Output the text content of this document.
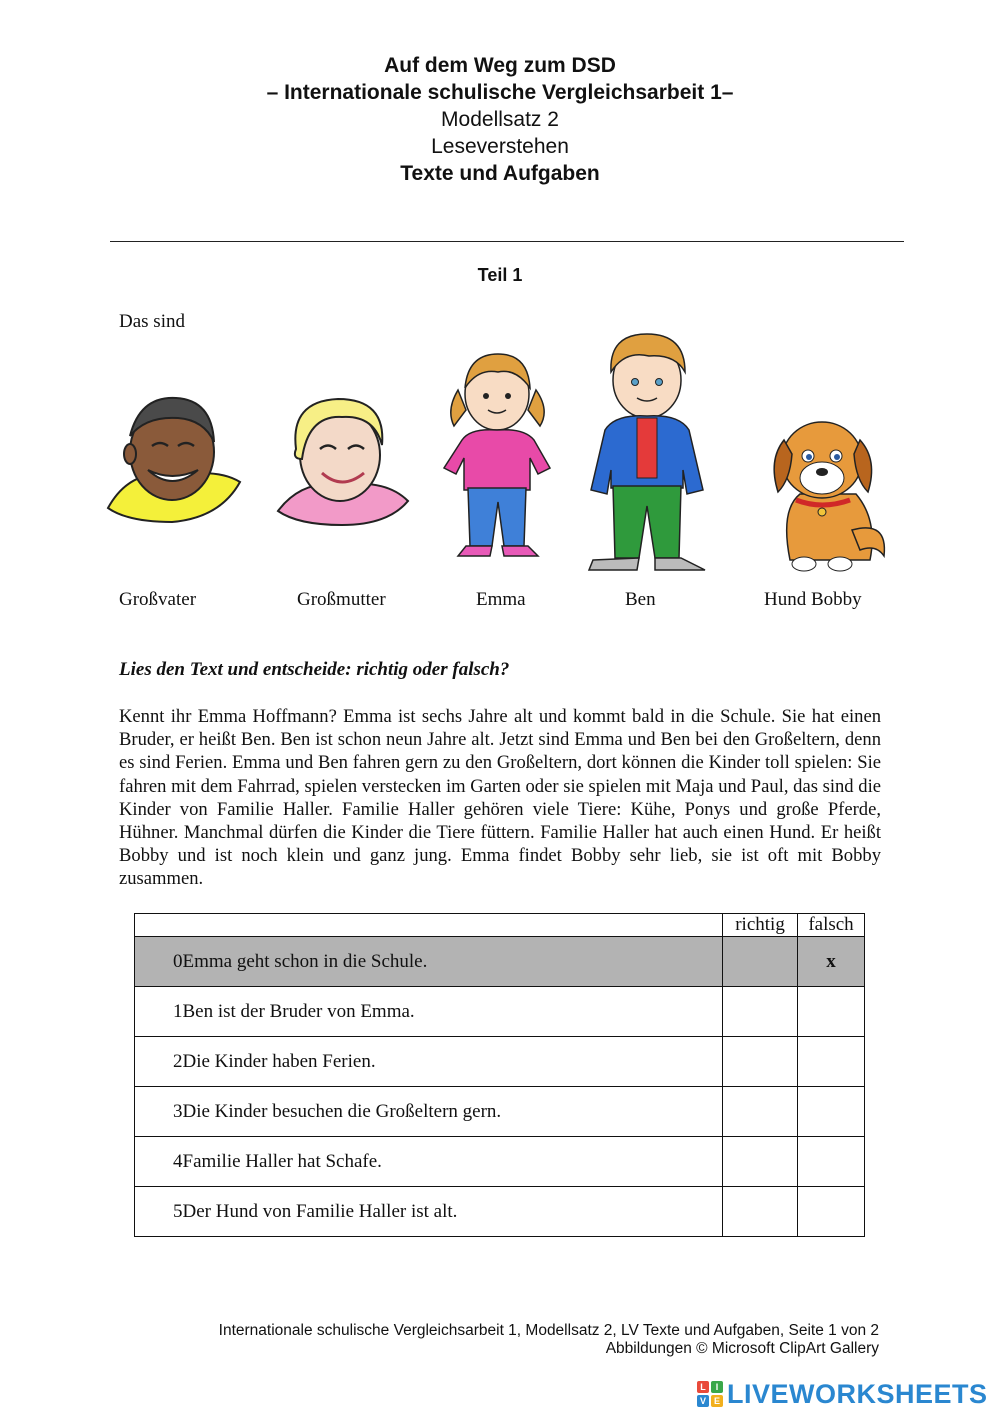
Auf dem Weg zum DSD
– Internationale schulische Vergleichsarbeit 1–
Modellsatz 2
Leseverstehen
Texte und Aufgaben
Teil 1
Das sind
Großvater	Großmutter	Emma	Ben	Hund Bobby
Lies den Text und entscheide: richtig oder falsch?
Kennt ihr Emma Hoffmann? Emma ist sechs Jahre alt und kommt bald in die Schule. Sie hat einen Bruder, er heißt Ben. Ben ist schon neun Jahre alt. Jetzt sind Emma und Ben bei den Großeltern, denn es sind Ferien. Emma und Ben fahren gern zu den Großeltern, dort können die Kinder toll spielen: Sie fahren mit dem Fahrrad, spielen verstecken im Garten oder sie spielen mit Maja und Paul, das sind die Kinder von Familie Haller. Familie Haller gehören viele Tiere: Kühe, Ponys und große Pferde, Hühner. Manchmal dürfen die Kinder die Tiere füttern. Familie Haller hat auch einen Hund. Er heißt Bobby und ist noch klein und ganz jung. Emma findet Bobby sehr lieb, sie ist oft mit Bobby zusammen.
	richtig	falsch
0Emma geht schon in die Schule.		x
1Ben ist der Bruder von Emma.		
2Die Kinder haben Ferien.		
3Die Kinder besuchen die Großeltern gern.		
4Familie Haller hat Schafe.		
5Der Hund von Familie Haller ist alt.		
Internationale schulische Vergleichsarbeit 1, Modellsatz 2, LV Texte und Aufgaben, Seite 1 von 2
Abbildungen © Microsoft ClipArt Gallery
L	I
V E LIVEWORKSHEETS
